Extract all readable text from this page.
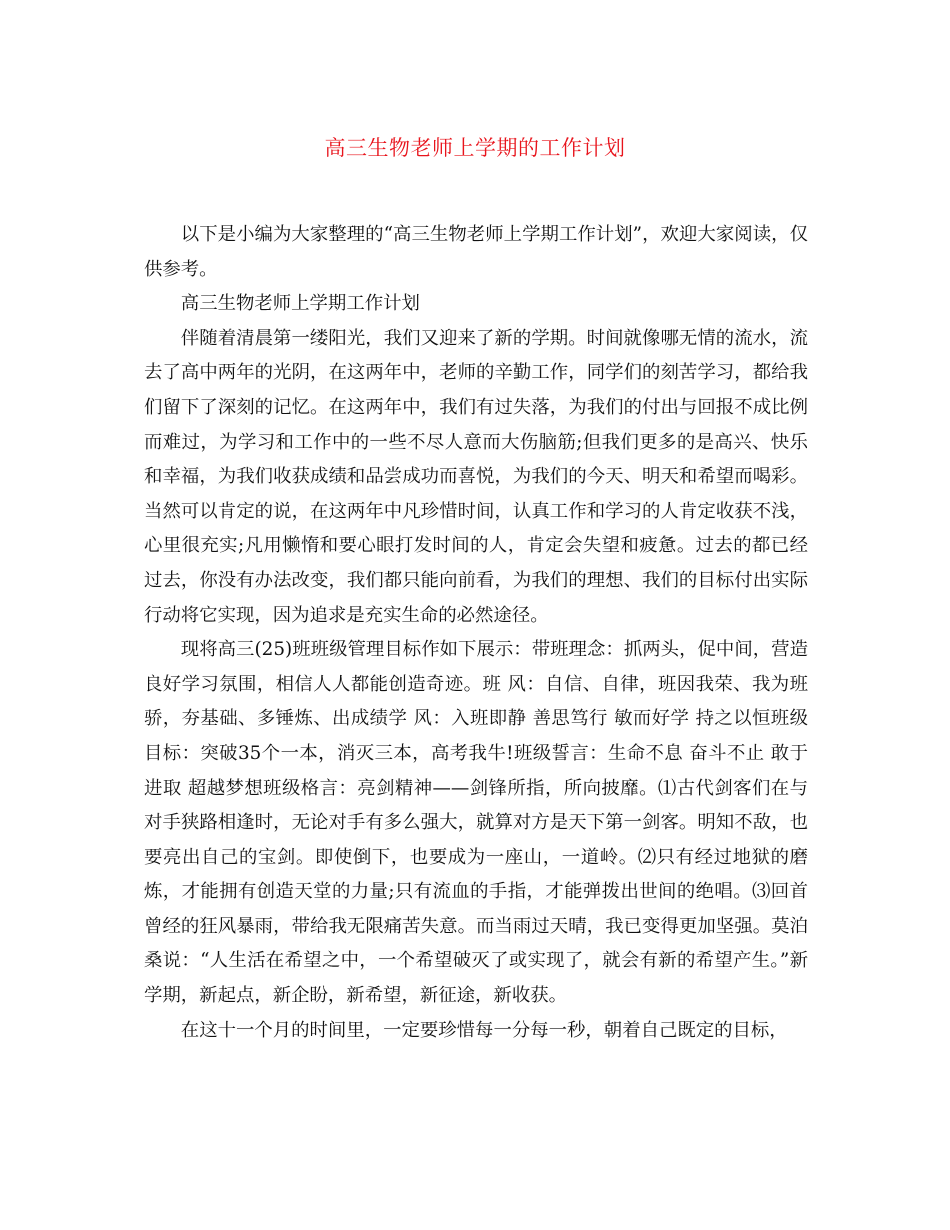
高三生物老师上学期的工作计划

以下是小编为大家整理的“高三生物老师上学期工作计划”，欢迎大家阅读，仅供参考。

高三生物老师上学期工作计划

伴随着清晨第一缕阳光，我们又迎来了新的学期。时间就像哪无情的流水，流去了高中两年的光阴，在这两年中，老师的辛勤工作，同学们的刻苦学习，都给我们留下了深刻的记忆。在这两年中，我们有过失落，为我们的付出与回报不成比例而难过，为学习和工作中的一些不尽人意而大伤脑筋;但我们更多的是高兴、快乐和幸福，为我们收获成绩和品尝成功而喜悦，为我们的今天、明天和希望而喝彩。当然可以肯定的说，在这两年中凡珍惜时间，认真工作和学习的人肯定收获不浅，心里很充实;凡用懒惰和要心眼打发时间的人，肯定会失望和疲惫。过去的都已经过去，你没有办法改变，我们都只能向前看，为我们的理想、我们的目标付出实际行动将它实现，因为追求是充实生命的必然途径。

现将高三(25)班班级管理目标作如下展示：带班理念：抓两头，促中间，营造良好学习氛围，相信人人都能创造奇迹。班 风：自信、自律，班因我荣、我为班骄，夯基础、多锤炼、出成绩学 风：入班即静 善思笃行 敏而好学 持之以恒班级目标：突破35个一本，消灭三本，高考我牛!班级誓言：生命不息 奋斗不止 敢于进取 超越梦想班级格言：亮剑精神——剑锋所指，所向披靡。⑴古代剑客们在与对手狭路相逢时，无论对手有多么强大，就算对方是天下第一剑客。明知不敌，也要亮出自己的宝剑。即使倒下，也要成为一座山，一道岭。⑵只有经过地狱的磨炼，才能拥有创造天堂的力量;只有流血的手指，才能弹拨出世间的绝唱。⑶回首曾经的狂风暴雨，带给我无限痛苦失意。而当雨过天晴，我已变得更加坚强。莫泊桑说：“人生活在希望之中，一个希望破灭了或实现了，就会有新的希望产生。”新学期，新起点，新企盼，新希望，新征途，新收获。

在这十一个月的时间里，一定要珍惜每一分每一秒，朝着自己既定的目标，
